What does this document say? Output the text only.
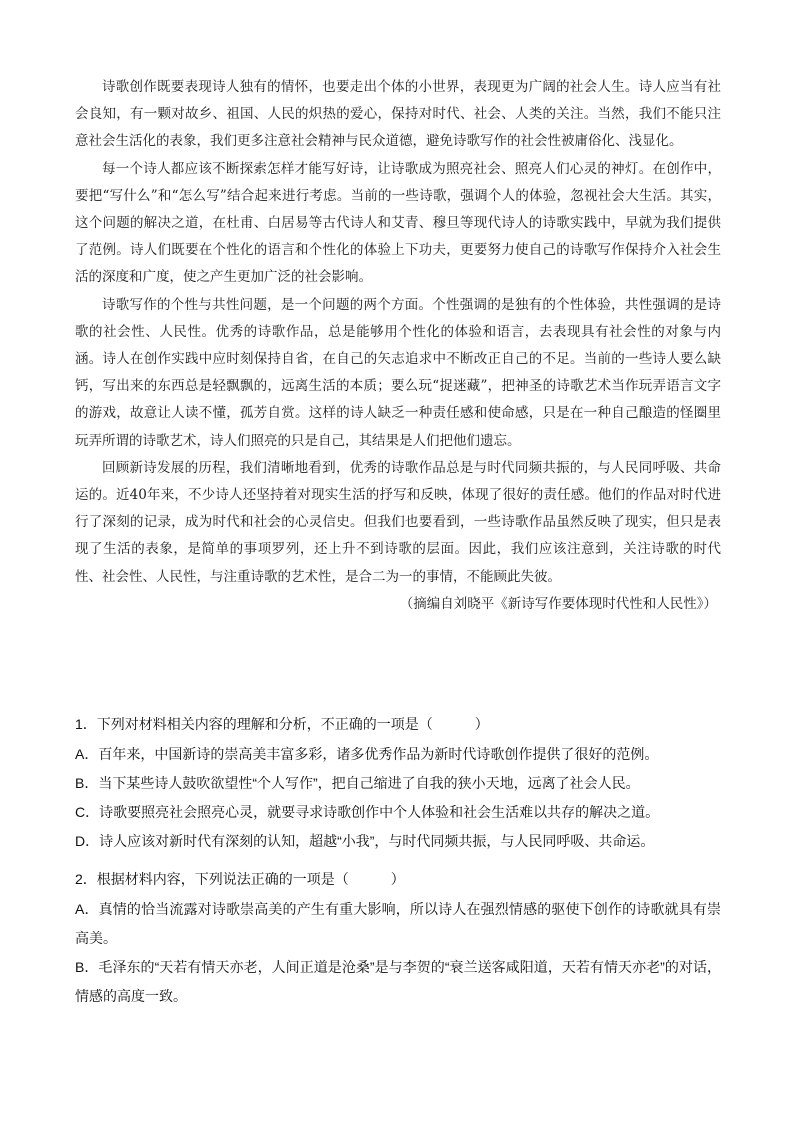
诗歌创作既要表现诗人独有的情怀，也要走出个体的小世界，表现更为广阔的社会人生。诗人应当有社会良知，有一颗对故乡、祖国、人民的炽热的爱心，保持对时代、社会、人类的关注。当然，我们不能只注意社会生活化的表象，我们更多注意社会精神与民众道德，避免诗歌写作的社会性被庸俗化、浅显化。

每一个诗人都应该不断探索怎样才能写好诗，让诗歌成为照亮社会、照亮人们心灵的神灯。在创作中，要把“写什么”和“怎么写”结合起来进行考虑。当前的一些诗歌，强调个人的体验，忽视社会大生活。其实，这个问题的解决之道，在杜甫、白居易等古代诗人和艾青、穆旦等现代诗人的诗歌实践中，早就为我们提供了范例。诗人们既要在个性化的语言和个性化的体验上下功夫，更要努力使自己的诗歌写作保持介入社会生活的深度和广度，使之产生更加广泛的社会影响。

诗歌写作的个性与共性问题，是一个问题的两个方面。个性强调的是独有的个性体验，共性强调的是诗歌的社会性、人民性。优秀的诗歌作品，总是能够用个性化的体验和语言，去表现具有社会性的对象与内涵。诗人在创作实践中应时刻保持自省，在自己的矢志追求中不断改正自己的不足。当前的一些诗人要么缺钙，写出来的东西总是轻飘飘的，远离生活的本质；要么玩“捉迷藏”，把神圣的诗歌艺术当作玩弄语言文字的游戏，故意让人读不懂，孤芳自赏。这样的诗人缺乏一种责任感和使命感，只是在一种自己酿造的怪圈里玩弄所谓的诗歌艺术，诗人们照亮的只是自己，其结果是人们把他们遗忘。

回顾新诗发展的历程，我们清晰地看到，优秀的诗歌作品总是与时代同频共振的，与人民同呼吸、共命运的。近40年来，不少诗人还坚持着对现实生活的抒写和反映，体现了很好的责任感。他们的作品对时代进行了深刻的记录，成为时代和社会的心灵信史。但我们也要看到，一些诗歌作品虽然反映了现实，但只是表现了生活的表象，是简单的事项罗列，还上升不到诗歌的层面。因此，我们应该注意到，关注诗歌的时代性、社会性、人民性，与注重诗歌的艺术性，是合二为一的事情，不能顾此失彼。

（摘编自刘晓平《新诗写作要体现时代性和人民性》）

1．下列对材料相关内容的理解和分析，不正确的一项是（　　　）

A．百年来，中国新诗的崇高美丰富多彩，诸多优秀作品为新时代诗歌创作提供了很好的范例。

B．当下某些诗人鼓吹欲望性“个人写作”，把自己缩进了自我的狭小天地，远离了社会人民。

C．诗歌要照亮社会照亮心灵，就要寻求诗歌创作中个人体验和社会生活难以共存的解决之道。

D．诗人应该对新时代有深刻的认知，超越“小我”，与时代同频共振，与人民同呼吸、共命运。

2．根据材料内容，下列说法正确的一项是（　　　）

A．真情的恰当流露对诗歌崇高美的产生有重大影响，所以诗人在强烈情感的驱使下创作的诗歌就具有崇高美。

B．毛泽东的“天若有情天亦老，人间正道是沧桑”是与李贺的“衰兰送客咸阳道，天若有情天亦老”的对话，情感的高度一致。
